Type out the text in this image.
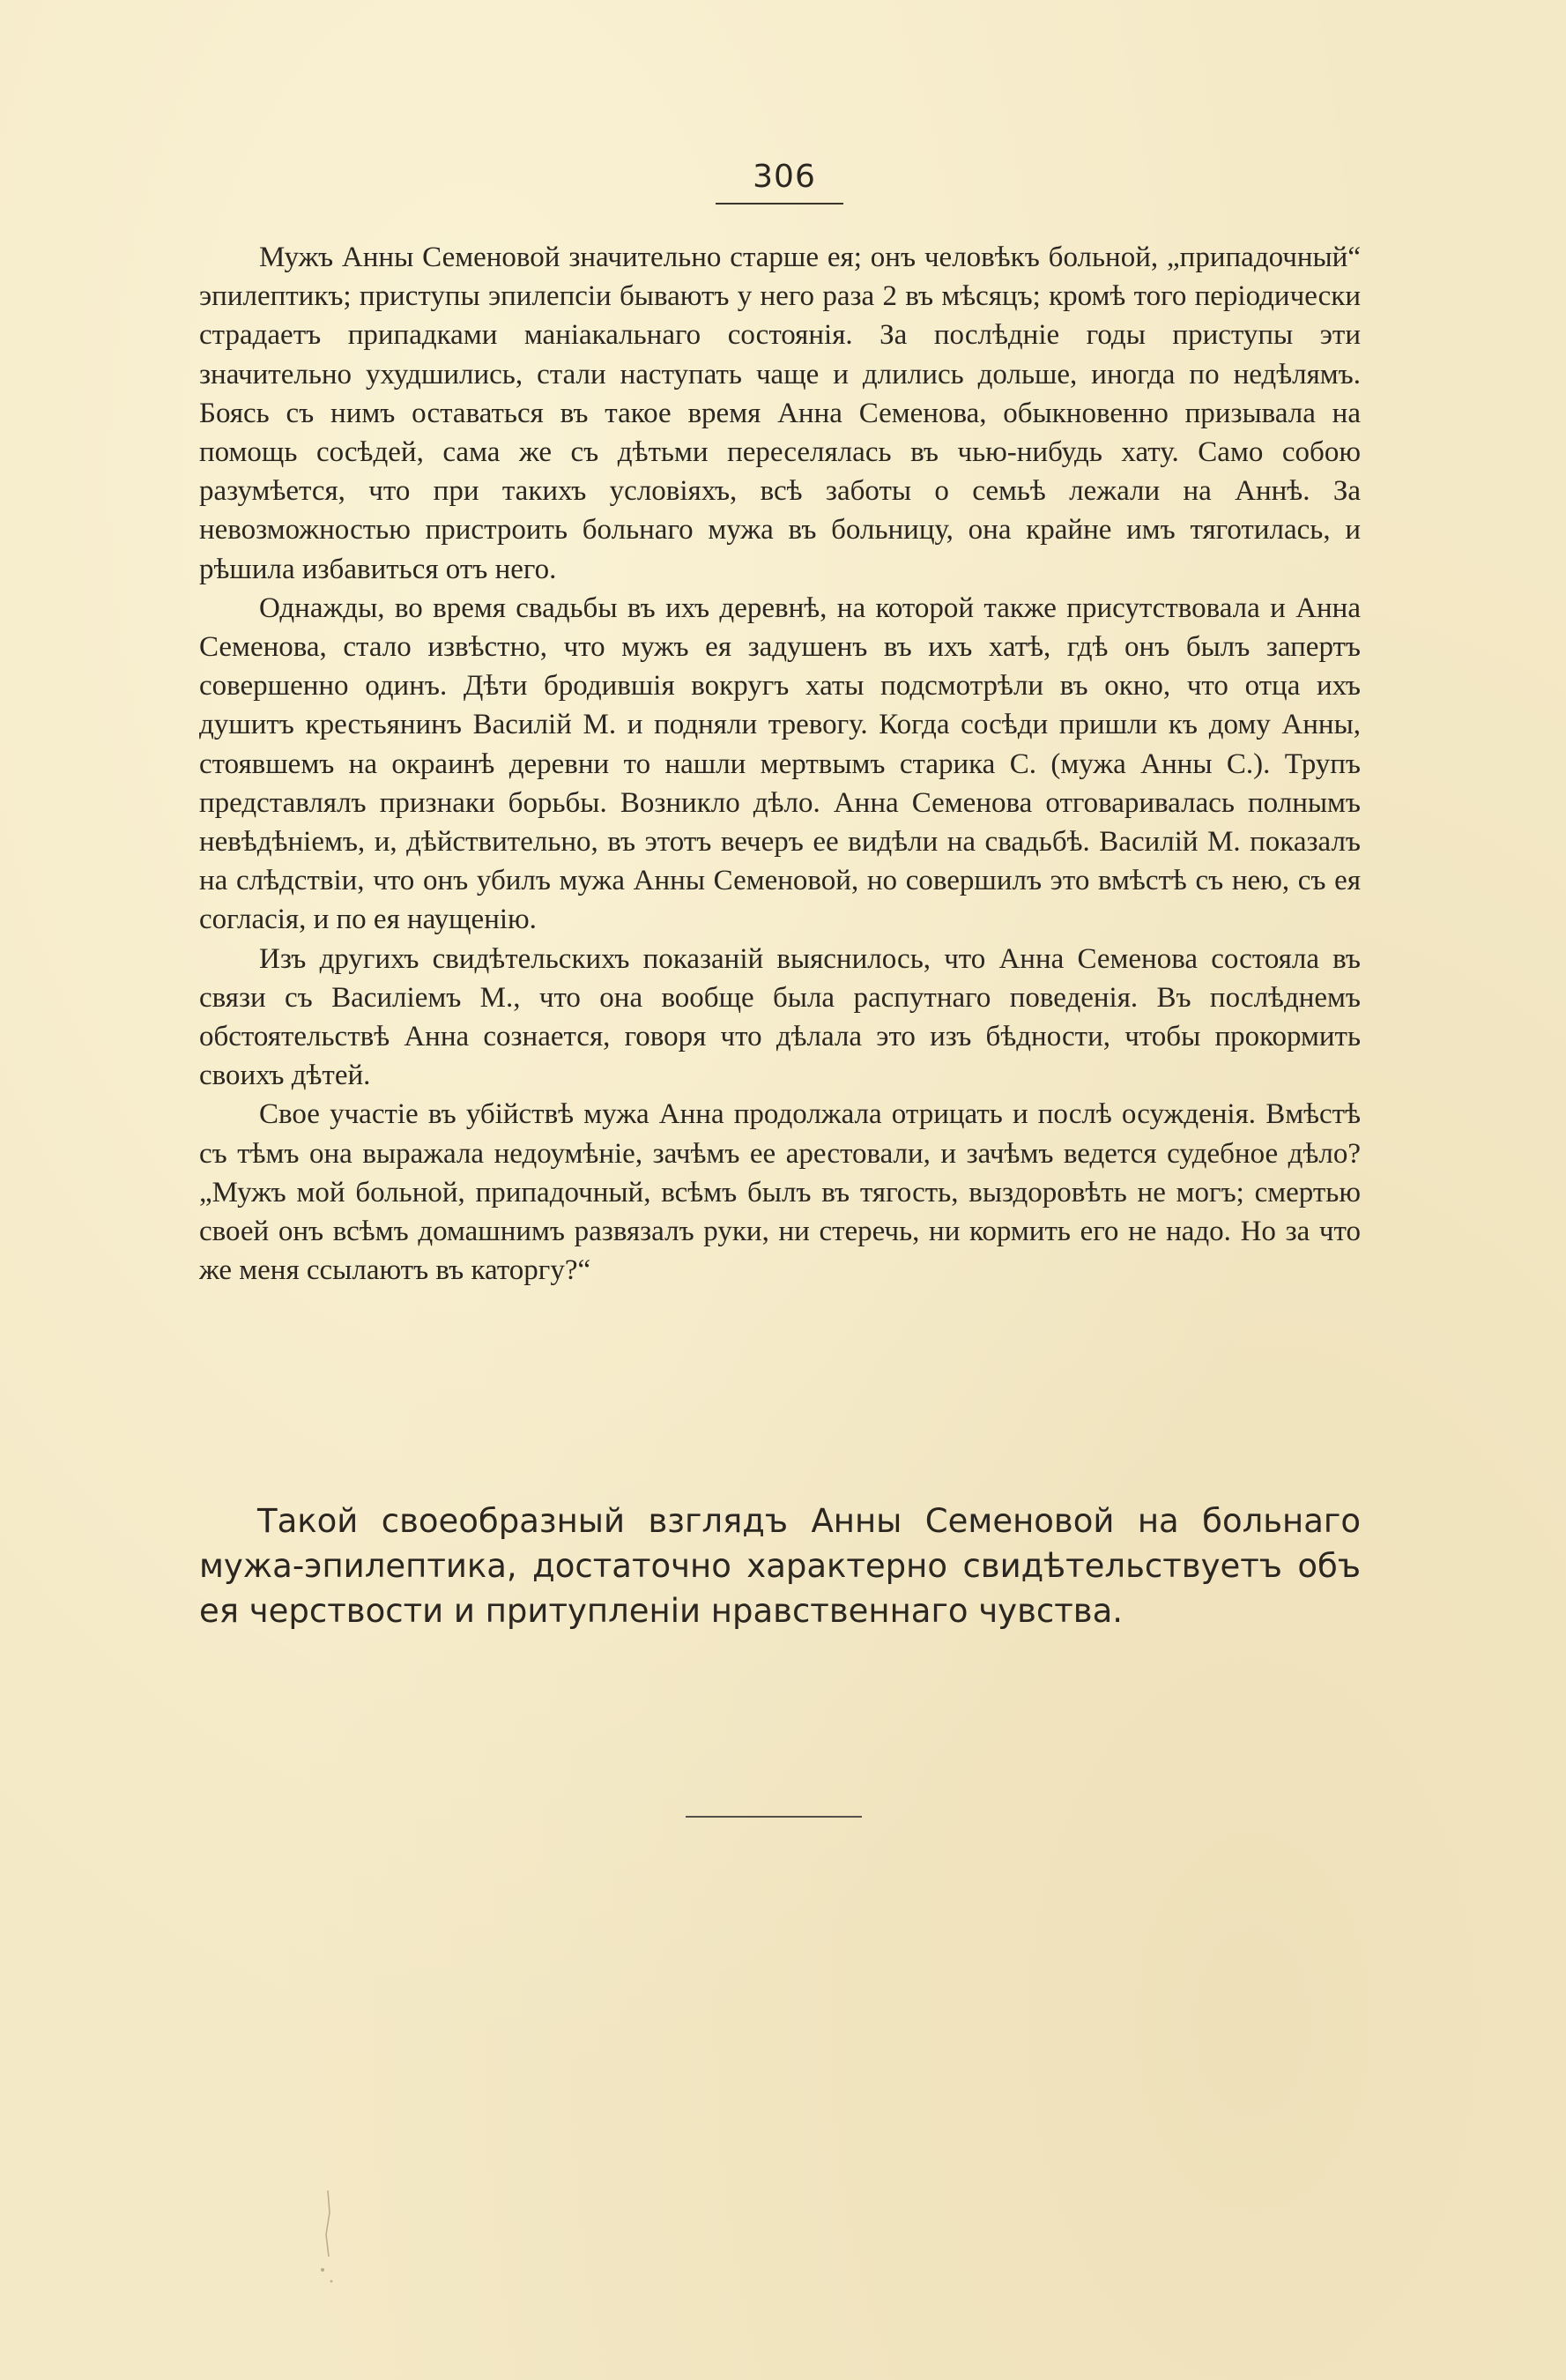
306

Мужъ Анны Семеновой значительно старше ея; онъ человѣкъ больной, „припадочный“ эпилептикъ; приступы эпилепсіи бываютъ у него раза 2 въ мѣсяцъ; кромѣ того періодически страдаетъ припадками маніакальнаго состоянія. За послѣдніе годы приступы эти значительно ухудшились, стали наступать чаще и длились дольше, иногда по недѣлямъ. Боясь съ нимъ оставаться въ такое время Анна Семенова, обыкновенно призывала на помощь сосѣдей, сама же съ дѣтьми переселялась въ чью-нибудь хату. Само собою разумѣется, что при такихъ условіяхъ, всѣ заботы о семьѣ лежали на Аннѣ. За невозможностью пристроить больнаго мужа въ больницу, она крайне имъ тяготилась, и рѣшила избавиться отъ него.

Однажды, во время свадьбы въ ихъ деревнѣ, на которой также присутствовала и Анна Семенова, стало извѣстно, что мужъ ея задушенъ въ ихъ хатѣ, гдѣ онъ былъ запертъ совершенно одинъ. Дѣти бродившія вокругъ хаты подсмотрѣли въ окно, что отца ихъ душитъ крестьянинъ Василій М. и подняли тревогу. Когда сосѣди пришли къ дому Анны, стоявшемъ на окраинѣ деревни то нашли мертвымъ старика С. (мужа Анны С.). Трупъ представлялъ признаки борьбы. Возникло дѣло. Анна Семенова отговаривалась полнымъ невѣдѣніемъ, и, дѣйствительно, въ этотъ вечеръ ее видѣли на свадьбѣ. Василій М. показалъ на слѣдствіи, что онъ убилъ мужа Анны Семеновой, но совершилъ это вмѣстѣ съ нею, съ ея согласія, и по ея наущенію.

Изъ другихъ свидѣтельскихъ показаній выяснилось, что Анна Семенова состояла въ связи съ Василіемъ М., что она вообще была распутнаго поведенія. Въ послѣднемъ обстоятельствѣ Анна сознается, говоря что дѣлала это изъ бѣдности, чтобы прокормить своихъ дѣтей.

Свое участіе въ убійствѣ мужа Анна продолжала отрицать и послѣ осужденія. Вмѣстѣ съ тѣмъ она выражала недоумѣніе, зачѣмъ ее арестовали, и зачѣмъ ведется судебное дѣло? „Мужъ мой больной, припадочный, всѣмъ былъ въ тягость, выздоровѣть не могъ; смертью своей онъ всѣмъ домашнимъ развязалъ руки, ни стеречь, ни кормить его не надо. Но за что же меня ссылаютъ въ каторгу?“

Такой своеобразный взглядъ Анны Семеновой на больнаго мужа-эпилептика, достаточно характерно свидѣтельствуетъ объ ея черствости и притупленіи нравственнаго чувства.
